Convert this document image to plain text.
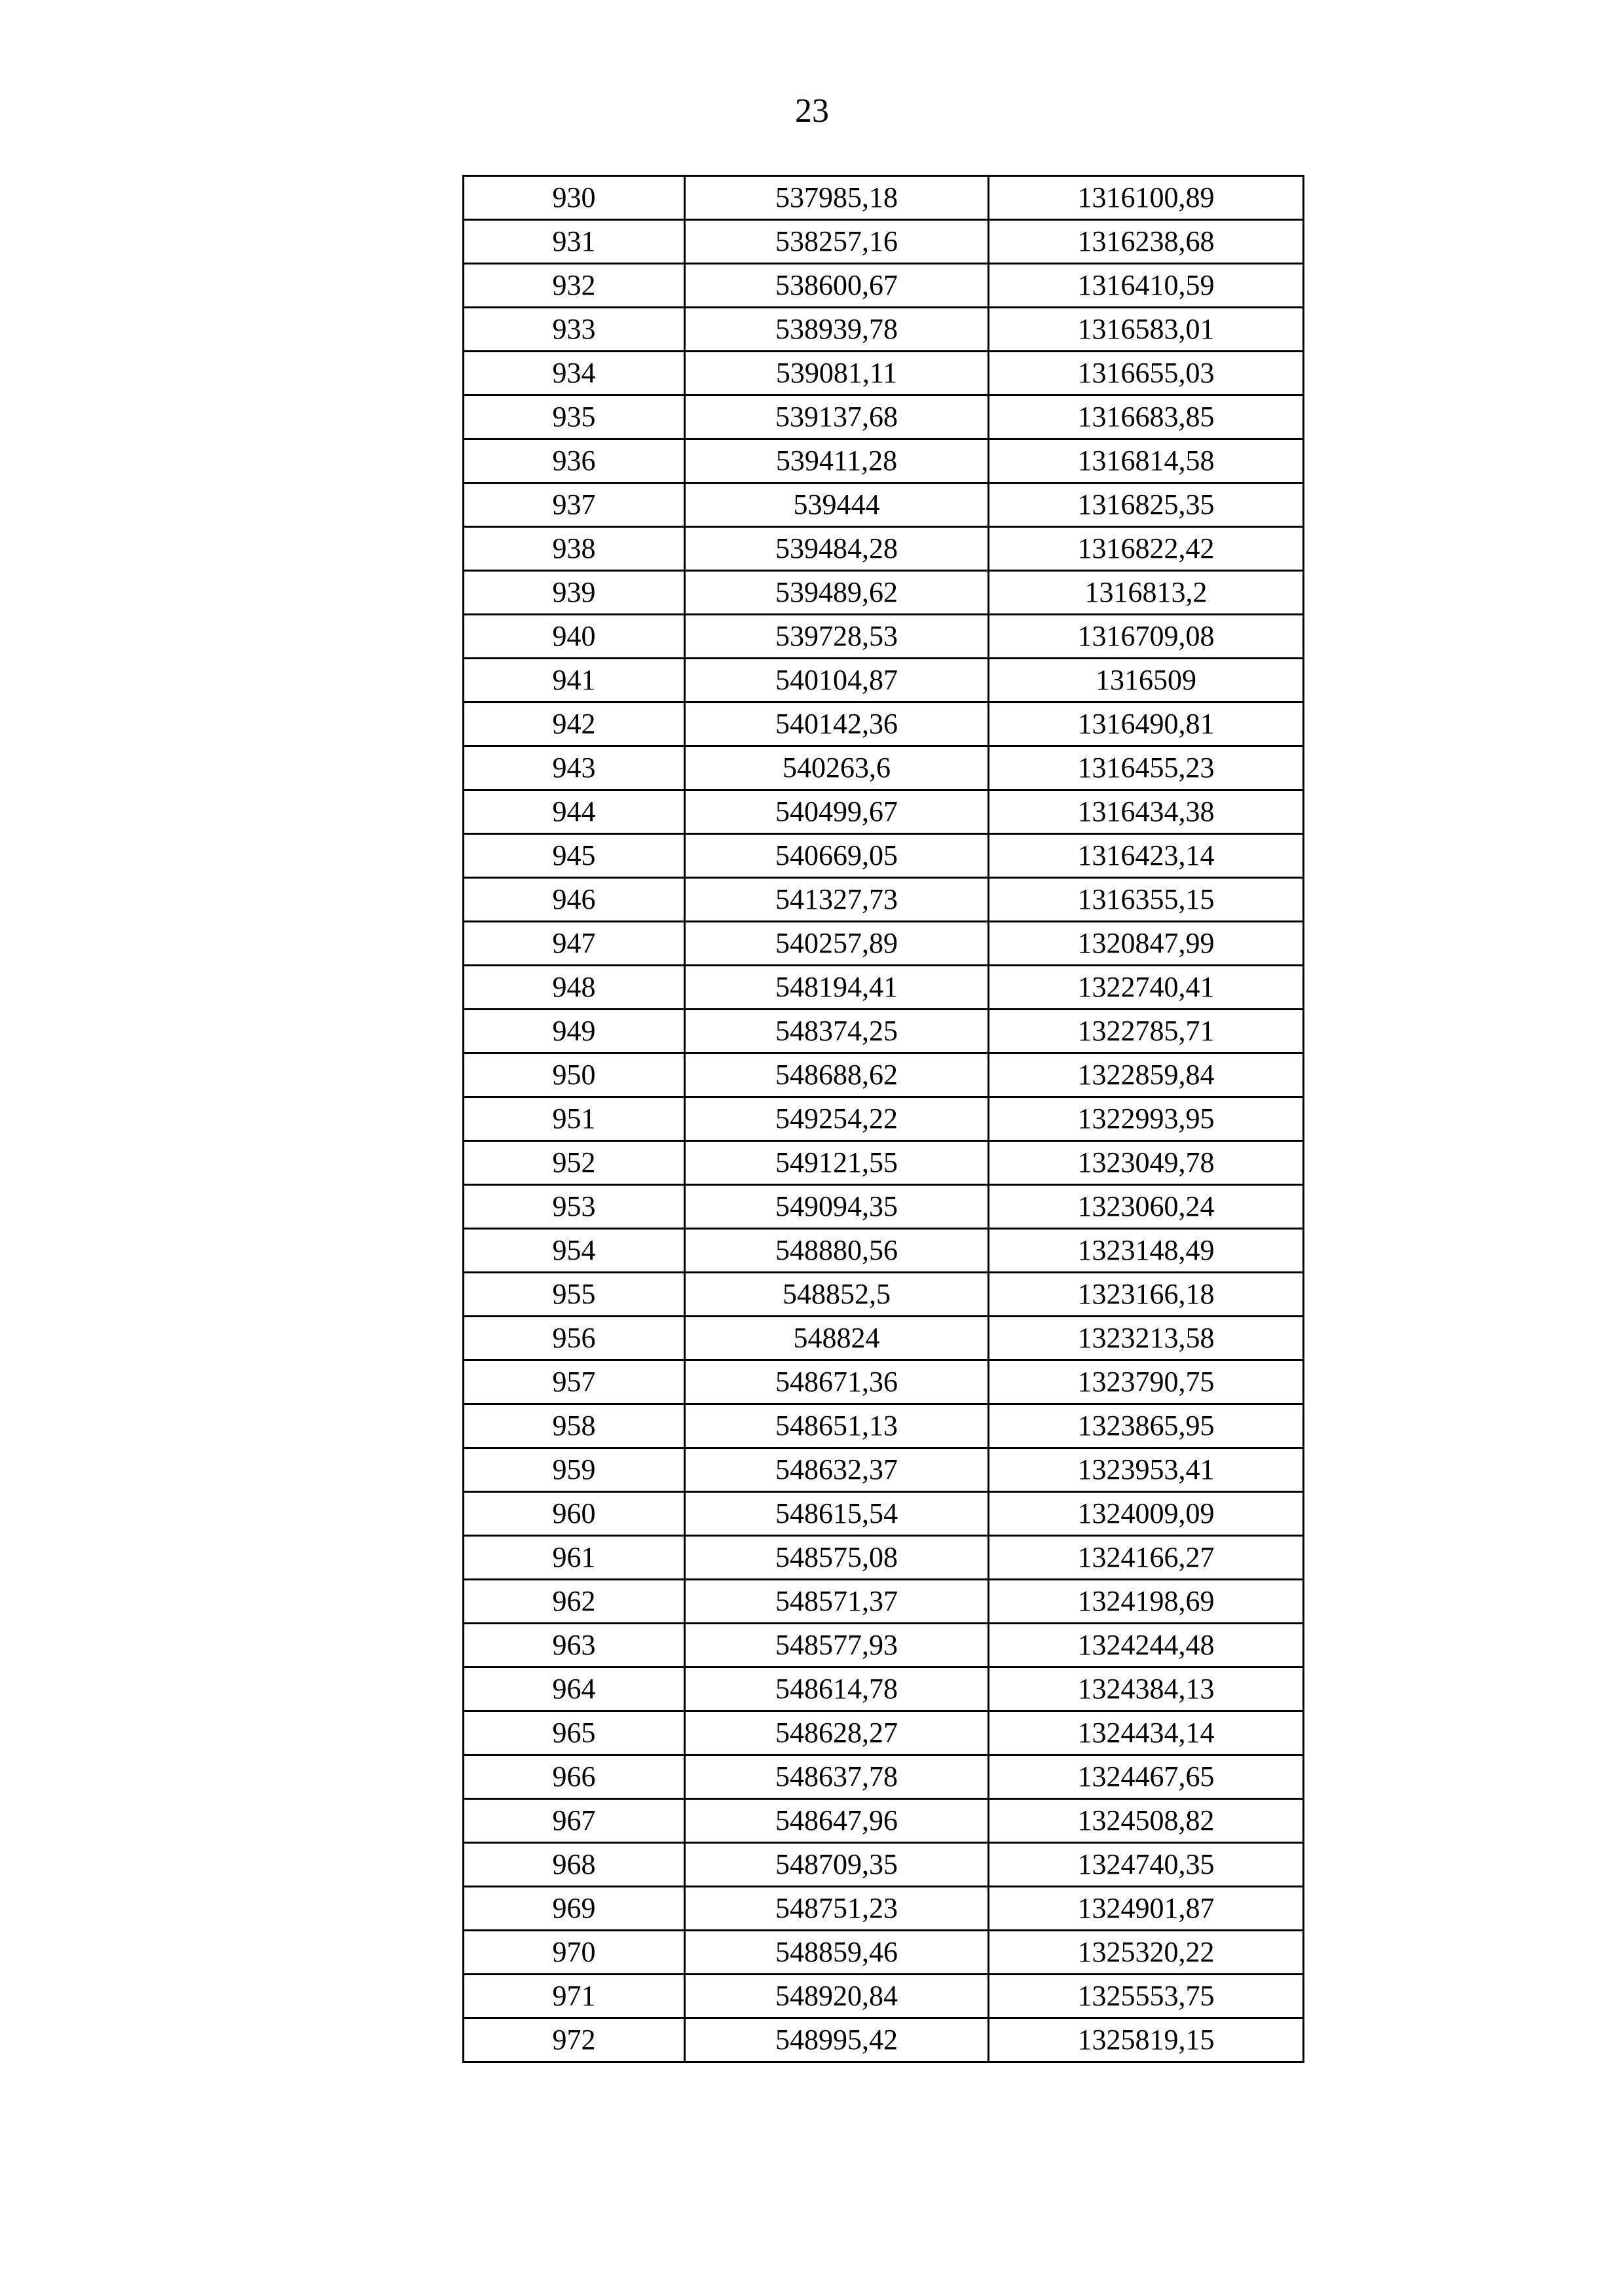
23
930	537985,18	1316100,89
931	538257,16	1316238,68
932	538600,67	1316410,59
933	538939,78	1316583,01
934	539081,11	1316655,03
935	539137,68	1316683,85
936	539411,28	1316814,58
937	539444	1316825,35
938	539484,28	1316822,42
939	539489,62	1316813,2
940	539728,53	1316709,08
941	540104,87	1316509
942	540142,36	1316490,81
943	540263,6	1316455,23
944	540499,67	1316434,38
945	540669,05	1316423,14
946	541327,73	1316355,15
947	540257,89	1320847,99
948	548194,41	1322740,41
949	548374,25	1322785,71
950	548688,62	1322859,84
951	549254,22	1322993,95
952	549121,55	1323049,78
953	549094,35	1323060,24
954	548880,56	1323148,49
955	548852,5	1323166,18
956	548824	1323213,58
957	548671,36	1323790,75
958	548651,13	1323865,95
959	548632,37	1323953,41
960	548615,54	1324009,09
961	548575,08	1324166,27
962	548571,37	1324198,69
963	548577,93	1324244,48
964	548614,78	1324384,13
965	548628,27	1324434,14
966	548637,78	1324467,65
967	548647,96	1324508,82
968	548709,35	1324740,35
969	548751,23	1324901,87
970	548859,46	1325320,22
971	548920,84	1325553,75
972	548995,42	1325819,15
